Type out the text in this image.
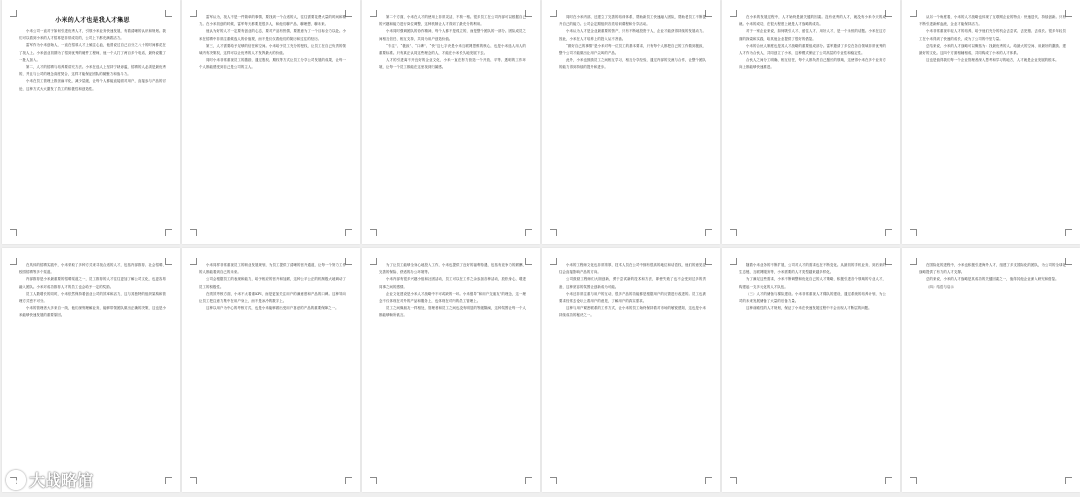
小米的人才也是我人才集思

小米公司一直对于如何引进优秀人才，引领小米业务快速发展，有着清晰的认识和规划。我们可以看到小米的人才招募是非常成功的，公司上下都充满着活力。

雷军作为小米创始人，一直在招募人才上倾注心血，他曾说过自己百分之八十的时间都花在了找人上。小米创业初期为了招到优秀的硬件工程师，他一个人打了两百多个电话，最终说服了一批人加入。

第二，人才的招聘与培养要讲究方法。小米在选人上坚持宁缺毋滥，招聘的人必须是最优秀的，并且与公司的理念高度契合，这样才能保证团队的凝聚力和战斗力。

小米在员工管理上推崇扁平化，减少层级，让每个人都能直接面对用户，直接参与产品的讨论，这种方式大大激发了员工的积极性和创造性。

雷军认为，找人不是一件简单的事情，要找到一个合适的人，往往需要花费大量的时间和精力。在小米初创的时候，雷军每天都要见很多人，和他们聊产品、聊理想、聊未来。

他认为好的人才一定要有创业的心态，要对产品有热情，要愿意为了一个目标全力以赴。小米在招聘中非常注重候选人的价值观，而不是仅仅看他们的简历和过往的经历。

第三，人才需要给予足够的信任和空间。小米给予员工充分的授权，让员工在自己负责的领域内有决策权，这样可以让优秀的人才发挥最大的价值。

同时小米非常重视员工的激励，通过股权、期权等方式让员工分享公司发展的成果，让每一个人都能感受到自己是公司的主人。

第二个方面，小米在人才的使用上非常灵活，不拘一格。很多员工在公司内部可以根据自己的兴趣和能力进行岗位调整，这种机制让人才得到了最充分的利用。

小米同时强调团队的协作精神，每个人都不是孤立的，而是整个团队的一部分。团队成员之间相互信任、相互支持，共同为用户创造价值。

“专注”、“极致”、“口碑”、“快”这七字诀是小米互联网思维的核心，也是小米选人用人的重要标准。只有真正认同这些理念的人，才能在小米长久地发展下去。

人才的引进离不开良好的企业文化，小米一直在努力营造一个开放、平等、透明的工作环境，让每一个员工都能在这里找到归属感。

同时在小米内部，还建立了完善的培训体系，帮助新员工快速融入团队，帮助老员工不断提升自己的能力。公司会定期组织各类培训课程和分享活动。

小米认为人才是企业最重要的资产，只有不断地投资于人，企业才能获得持续的发展动力。因此，小米在人才培养上的投入从不吝啬。

“做好自己的事情”是小米对每一位员工的基本要求，只有每个人都把自己的工作做到极致，整个公司才能做出让用户尖叫的产品。

此外，小米也鼓励员工之间相互学习，相互分享经验，通过内部的交流与合作，让整个团队的能力得到持续的提升和进步。

在小米的发展过程中，人才始终是最关键的因素。没有优秀的人才，就没有小米今天的成就。小米的成功，在很大程度上就是人才战略的成功。

对于一家企业来说，如何吸引人才、留住人才、用好人才，是一个永恒的话题。小米在这方面的探索和实践，给其他企业提供了很好的借鉴。

小米的合伙人制度也是其人才战略的重要组成部分。雷军邀请了多位在各自领域非常优秀的人才作为合伙人，共同创立了小米，这种模式保证了公司高层的专业性和稳定性。

合伙人之间分工明确、相互信任，每个人都负责自己擅长的领域，这使得小米在多个业务方向上都能够快速推进。

从另一个角度看，小米的人才战略也体现了互联网企业的特点：快速迭代、持续创新。只有不断引进新鲜血液，企业才能保持活力。

小米非常重视年轻人才的培养，给予他们充分的机会去尝试、去犯错、去成长。很多年轻员工在小米得到了快速的成长，成为了公司的中坚力量。

总结来说，小米的人才战略可以概括为：找最优秀的人、给最大的空间、用最好的激励、建最好的文化。这四个方面相辅相成，共同构成了小米的人才体系。

这也是值得我们每一个企业管理者深入思考和学习的地方，人才就是企业发展的根本。

在具体的招聘实践中，小米采取了多种方式来寻找合适的人才，包括内部推荐、社会招聘、校园招聘等多个渠道。

内部推荐是小米最重要的招聘渠道之一，员工推荐的人才往往更加了解公司文化，也更容易融入团队。小米对成功推荐人才的员工也会给予一定的奖励。

员工人数增长的同时，小米依然保持着创业公司的效率和活力，这与其独特的组织架构和管理方式密不可分。

小米的管理者大多来自一线，他们深刻理解业务，能够带领团队做出正确的决策，这也是小米能够快速发展的重要原因。

小米同样非常重视员工的职业发展规划，为员工提供了清晰的晋升通道，让每一个努力工作的人都能看到自己的未来。

公司会根据员工的表现和能力，给予相应的晋升和加薪，这种公平公正的机制极大地调动了员工的积极性。

在绩效考核方面，小米不太看重KPI，而是更加关注用户的满意度和产品的口碑。这种导向让员工把注意力集中在用户身上，而不是冰冷的数字上。

这种以用户为中心的考核方式，也是小米能够做出受用户喜爱的产品的重要保障之一。

为了让员工能够全身心地投入工作，小米也提供了良好的福利待遇，包括有竞争力的薪酬、完善的保险、舒适的办公环境等。

小米内部有很多兴趣小组和社团活动，员工可以在工作之余参加各种活动，放松身心，增进同事之间的感情。

企业文化建设是小米人才战略中不可或缺的一环。小米倡导“和用户交朋友”的理念，这一理念不仅体现在对外的产品和服务上，也体现在对内的员工管理上。

员工之间像朋友一样相处，管理者和员工之间也没有明显的等级隔阂，这种氛围让每一个人都能够畅所欲言。

小米的工程师文化也非常浓厚，技术人员在公司中拥有很高的地位和话语权，他们的意见往往会直接影响产品的方向。

公司鼓励工程师们大胆创新，勇于尝试新的技术和方法，即使失败了也不会受到过多的责备，这种宽容的氛围让创新成为可能。

小米还非常注重与用户的互动，很多产品的功能都是根据用户的反馈进行改进的。员工也被要求经常去论坛上看用户的意见，了解用户的真实需求。

这种与用户紧密联系的工作方式，让小米的员工始终保持着对市场的敏锐感知，这也是小米持续成功的秘诀之一。

随着小米业务的不断扩展，公司对人才的需求也在不断变化。从最初的手机业务，到后来的生态链、互联网服务等，小米需要的人才类型越来越多样化。

为了满足这些需求，小米不断调整和优化自己的人才策略，积极引进各个领域的专业人才，构建起一支多元化的人才队伍。

（三）人才的储备与梯队建设。小米非常重视人才梯队的建设，通过系统的培养计划，为公司的未来发展储备了大量的后备力量。

这种前瞻性的人才规划，保证了小米在快速发展过程中不会出现人才断层的问题。

在国际化的进程中，小米也积极引进海外人才，组建了多支国际化的团队，为公司的全球化战略提供了有力的人才支撑。

总的来说，小米的人才战略是其成功的关键因素之一，值得其他企业深入研究和借鉴。

（四）结语与启示

大战略馆
